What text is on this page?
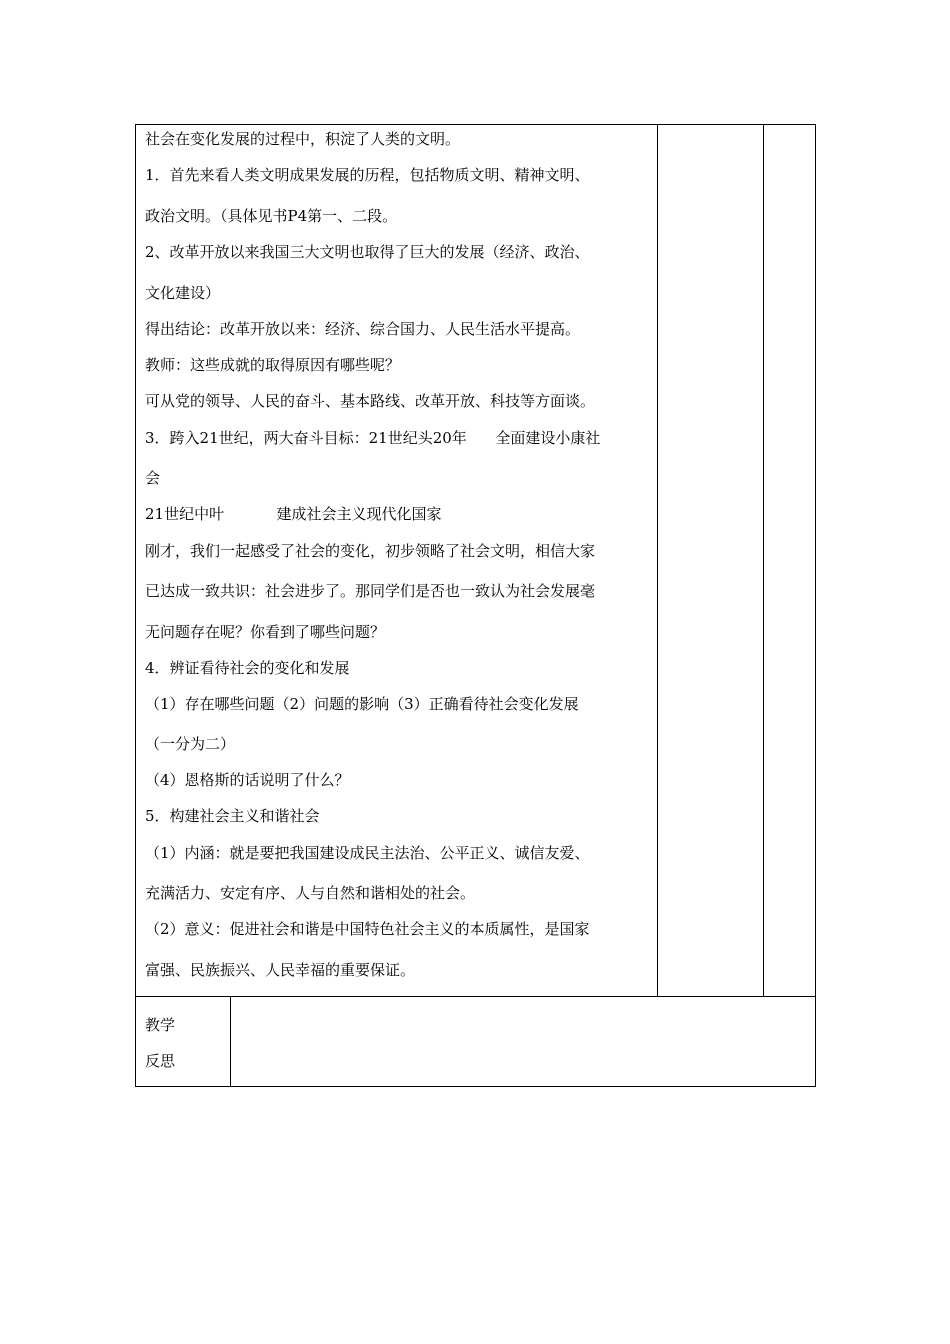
社会在变化发展的过程中，积淀了人类的文明。
1．首先来看人类文明成果发展的历程，包括物质文明、精神文明、
政治文明。（具体见书P4第一、二段。
2、改革开放以来我国三大文明也取得了巨大的发展（经济、政治、
文化建设）
得出结论：改革开放以来：经济、综合国力、人民生活水平提高。
教师：这些成就的取得原因有哪些呢？
可从党的领导、人民的奋斗、基本路线、改革开放、科技等方面谈。
3．跨入21世纪，两大奋斗目标：21世纪头20年      全面建设小康社
会
21世纪中叶           建成社会主义现代化国家
刚才，我们一起感受了社会的变化，初步领略了社会文明，相信大家
已达成一致共识：社会进步了。那同学们是否也一致认为社会发展毫
无问题存在呢？你看到了哪些问题？
4．辨证看待社会的变化和发展
（1）存在哪些问题（2）问题的影响（3）正确看待社会变化发展
（一分为二）
（4）恩格斯的话说明了什么？
5．构建社会主义和谐社会
（1）内涵：就是要把我国建设成民主法治、公平正义、诚信友爱、
充满活力、安定有序、人与自然和谐相处的社会。
（2）意义：促进社会和谐是中国特色社会主义的本质属性，是国家
富强、民族振兴、人民幸福的重要保证。
教学
反思
